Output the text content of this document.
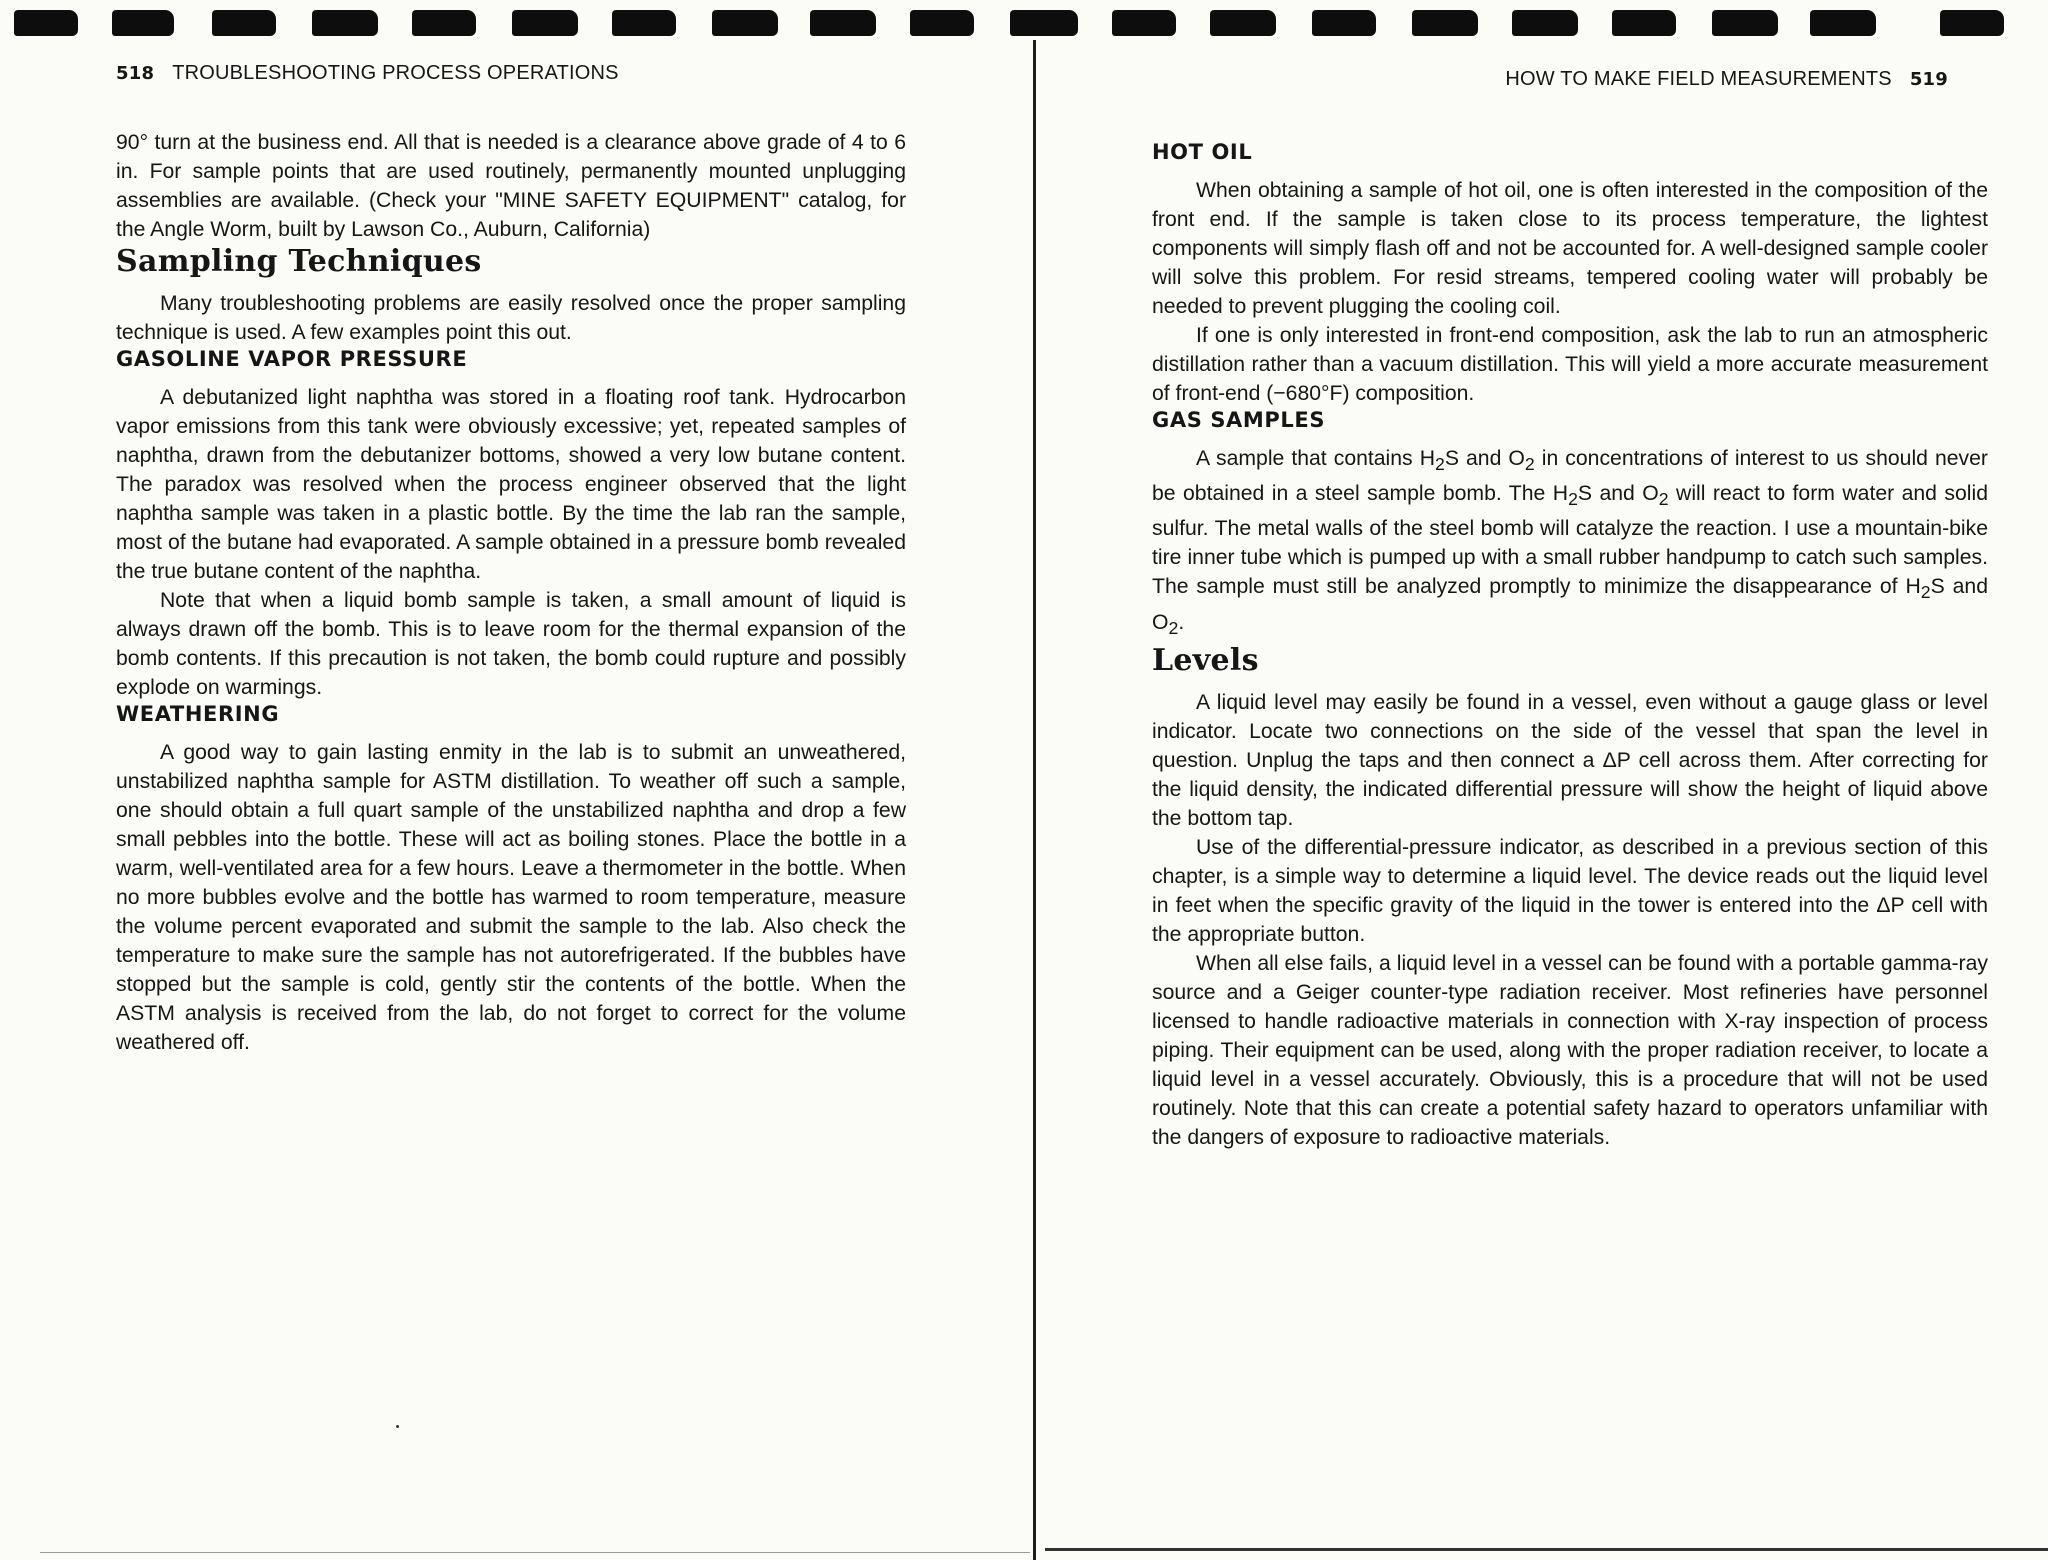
518 TROUBLESHOOTING PROCESS OPERATIONS

90° turn at the business end. All that is needed is a clearance above grade of 4 to 6 in. For sample points that are used routinely, permanently mounted unplugging assemblies are available. (Check your "MINE SAFETY EQUIPMENT" catalog, for the Angle Worm, built by Lawson Co., Auburn, California)

Sampling Techniques

Many troubleshooting problems are easily resolved once the proper sampling technique is used. A few examples point this out.

GASOLINE VAPOR PRESSURE

A debutanized light naphtha was stored in a floating roof tank. Hydrocarbon vapor emissions from this tank were obviously excessive; yet, repeated samples of naphtha, drawn from the debutanizer bottoms, showed a very low butane content. The paradox was resolved when the process engineer observed that the light naphtha sample was taken in a plastic bottle. By the time the lab ran the sample, most of the butane had evaporated. A sample obtained in a pressure bomb revealed the true butane content of the naphtha.

Note that when a liquid bomb sample is taken, a small amount of liquid is always drawn off the bomb. This is to leave room for the thermal expansion of the bomb contents. If this precaution is not taken, the bomb could rupture and possibly explode on warmings.

WEATHERING

A good way to gain lasting enmity in the lab is to submit an unweathered, unstabilized naphtha sample for ASTM distillation. To weather off such a sample, one should obtain a full quart sample of the unstabilized naphtha and drop a few small pebbles into the bottle. These will act as boiling stones. Place the bottle in a warm, well-ventilated area for a few hours. Leave a thermometer in the bottle. When no more bubbles evolve and the bottle has warmed to room temperature, measure the volume percent evaporated and submit the sample to the lab. Also check the temperature to make sure the sample has not autorefrigerated. If the bubbles have stopped but the sample is cold, gently stir the contents of the bottle. When the ASTM analysis is received from the lab, do not forget to correct for the volume weathered off.

HOW TO MAKE FIELD MEASUREMENTS 519
HOT OIL

When obtaining a sample of hot oil, one is often interested in the composition of the front end. If the sample is taken close to its process temperature, the lightest components will simply flash off and not be accounted for. A well-designed sample cooler will solve this problem. For resid streams, tempered cooling water will probably be needed to prevent plugging the cooling coil.

If one is only interested in front-end composition, ask the lab to run an atmospheric distillation rather than a vacuum distillation. This will yield a more accurate measurement of front-end (−680°F) composition.

GAS SAMPLES

A sample that contains $H_2S$ and $O_2$ in concentrations of interest to us should never be obtained in a steel sample bomb. The $H_2S$ and $O_2$ will react to form water and solid sulfur. The metal walls of the steel bomb will catalyze the reaction. I use a mountain-bike tire inner tube which is pumped up with a small rubber handpump to catch such samples. The sample must still be analyzed promptly to minimize the disappearance of $H_2S$ and $O_2$.

Levels

A liquid level may easily be found in a vessel, even without a gauge glass or level indicator. Locate two connections on the side of the vessel that span the level in question. Unplug the taps and then connect a ΔP cell across them. After correcting for the liquid density, the indicated differential pressure will show the height of liquid above the bottom tap.

Use of the differential-pressure indicator, as described in a previous section of this chapter, is a simple way to determine a liquid level. The device reads out the liquid level in feet when the specific gravity of the liquid in the tower is entered into the ΔP cell with the appropriate button.

When all else fails, a liquid level in a vessel can be found with a portable gamma-ray source and a Geiger counter-type radiation receiver. Most refineries have personnel licensed to handle radioactive materials in connection with X-ray inspection of process piping. Their equipment can be used, along with the proper radiation receiver, to locate a liquid level in a vessel accurately. Obviously, this is a procedure that will not be used routinely. Note that this can create a potential safety hazard to operators unfamiliar with the dangers of exposure to radioactive materials.
